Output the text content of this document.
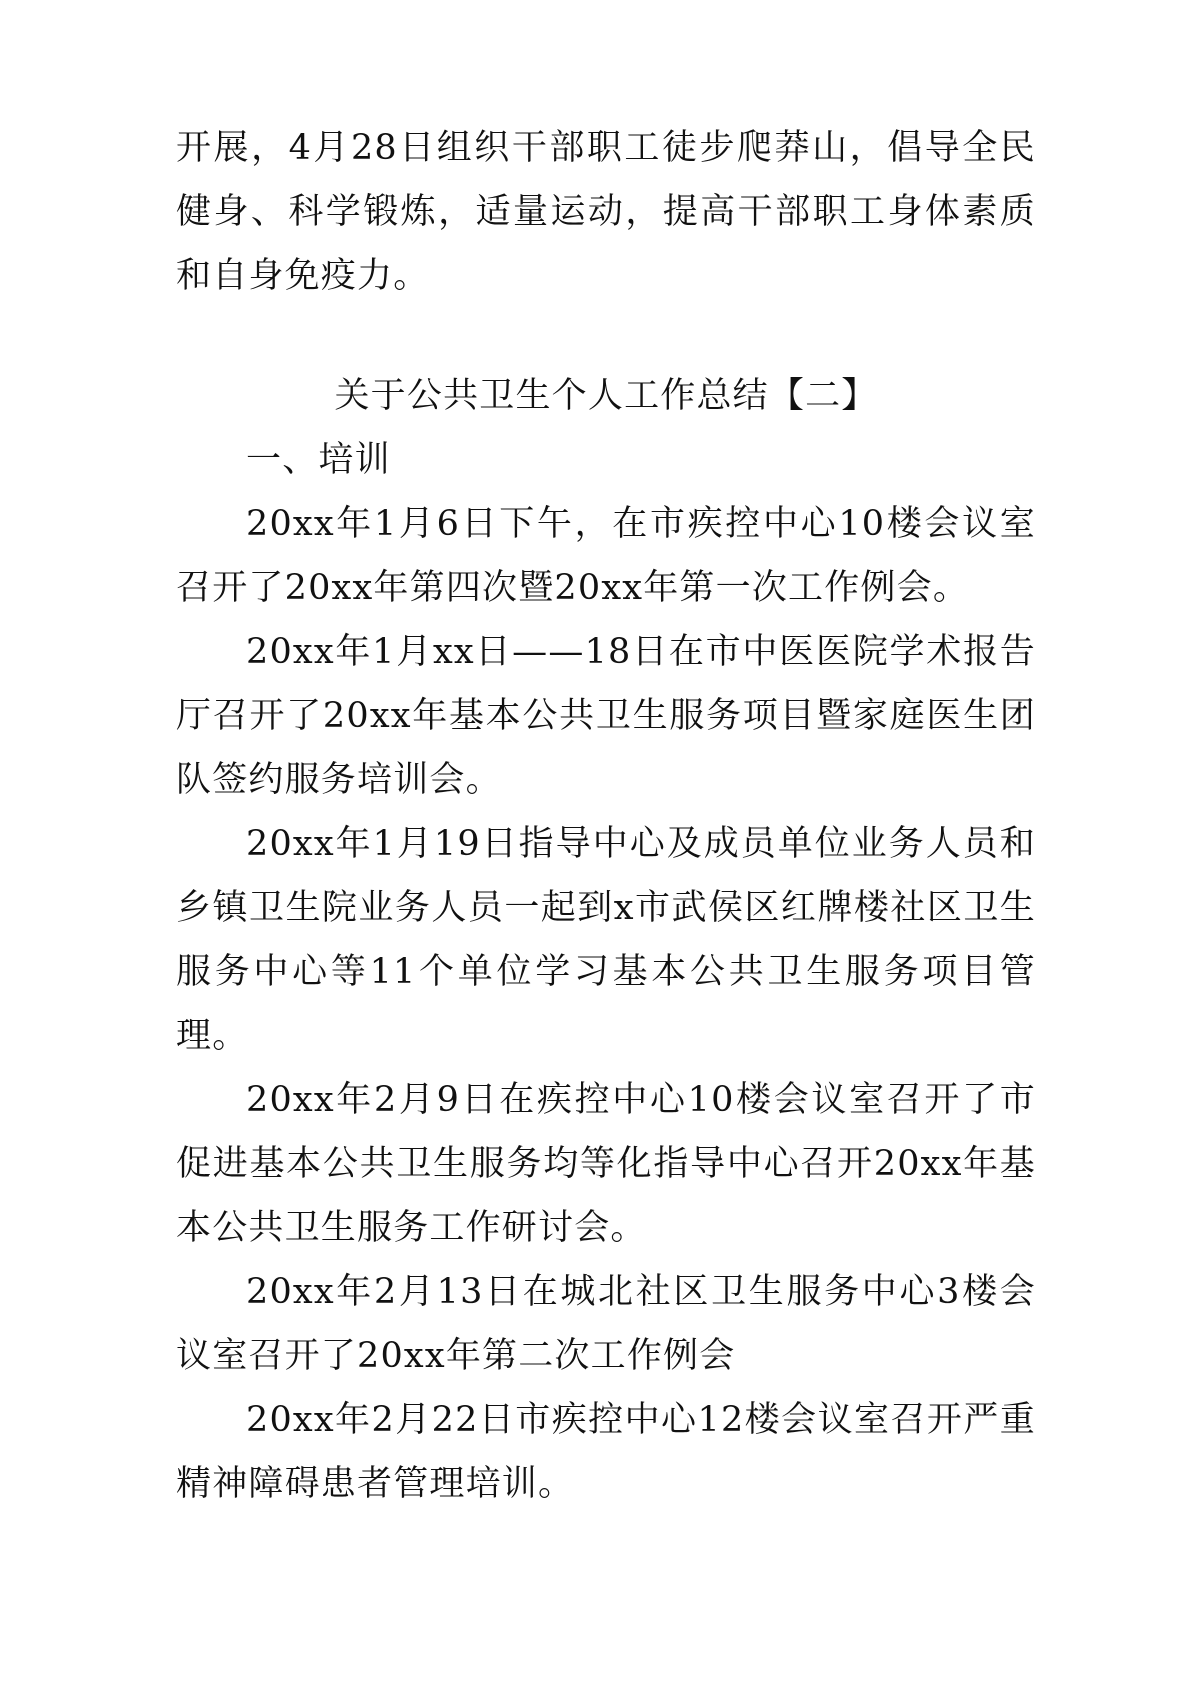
开展，4月28日组织干部职工徒步爬莽山，倡导全民健身、科学锻炼，适量运动，提高干部职工身体素质和自身免疫力。

关于公共卫生个人工作总结【二】

一、培训

20xx年1月6日下午，在市疾控中心10楼会议室召开了20xx年第四次暨20xx年第一次工作例会。

20xx年1月xx日——18日在市中医医院学术报告厅召开了20xx年基本公共卫生服务项目暨家庭医生团队签约服务培训会。

20xx年1月19日指导中心及成员单位业务人员和乡镇卫生院业务人员一起到x市武侯区红牌楼社区卫生服务中心等11个单位学习基本公共卫生服务项目管理。

20xx年2月9日在疾控中心10楼会议室召开了市促进基本公共卫生服务均等化指导中心召开20xx年基本公共卫生服务工作研讨会。

20xx年2月13日在城北社区卫生服务中心3楼会议室召开了20xx年第二次工作例会

20xx年2月22日市疾控中心12楼会议室召开严重精神障碍患者管理培训。
